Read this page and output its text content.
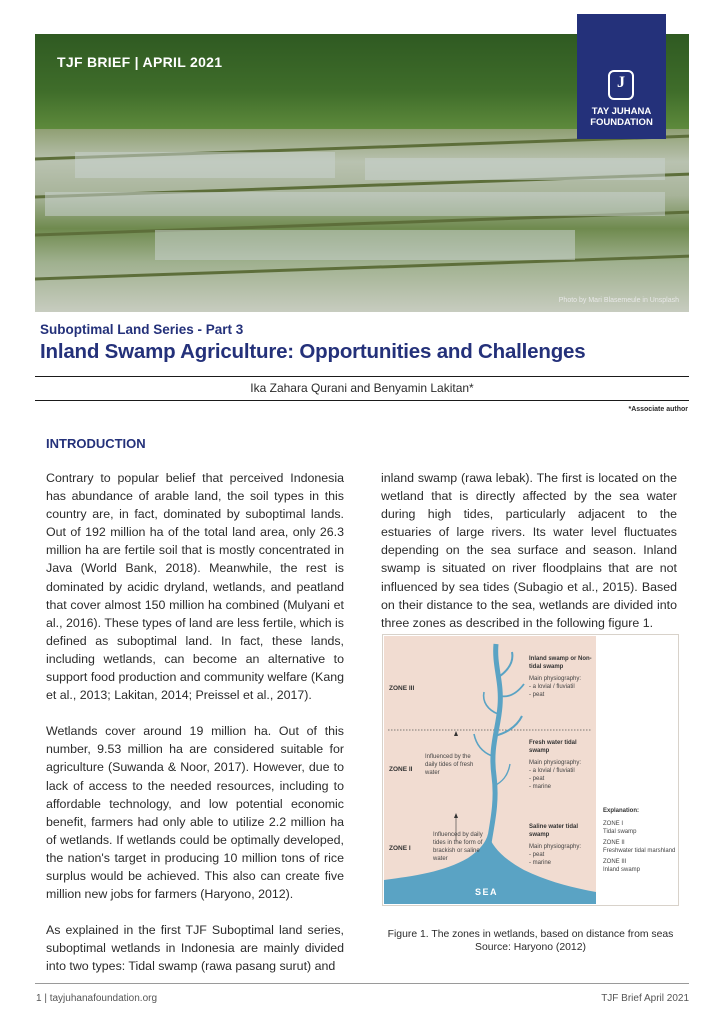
TJF BRIEF | APRIL 2021
Photo by Mari Blasemeule in Unsplash
J
TAY JUHANA
FOUNDATION
Suboptimal Land Series - Part 3
Inland Swamp Agriculture: Opportunities and Challenges
Ika Zahara Qurani and Benyamin Lakitan*
*Associate author
INTRODUCTION

Contrary to popular belief that perceived Indonesia has abundance of arable land, the soil types in this country are, in fact, dominated by suboptimal lands. Out of 192 million ha of the total land area, only 26.3 million ha are fertile soil that is mostly concentrated in Java (World Bank, 2018). Meanwhile, the rest is dominated by acidic dryland, wetlands, and peatland that cover almost 150 million ha combined (Mulyani et al., 2016). These types of land are less fertile, which is defined as suboptimal land. In fact, these lands, including wetlands, can become an alternative to support food production and community welfare (Kang et al., 2013; Lakitan, 2014; Preissel et al., 2017).

Wetlands cover around 19 million ha. Out of this number, 9.53 million ha are considered suitable for agriculture (Suwanda & Noor, 2017). However, due to lack of access to the needed resources, including to affordable technology, and low potential economic benefit, farmers had only able to utilize 2.2 million ha of wetlands. If wetlands could be optimally developed, the nation's target in producing 10 million tons of rice surplus would be achieved. This also can create five million new jobs for farmers (Haryono, 2012).

As explained in the first TJF Suboptimal land series, suboptimal wetlands in Indonesia are mainly divided into two types: Tidal swamp (rawa pasang surut) and

inland swamp (rawa lebak). The first is located on the wetland that is directly affected by the sea water during high tides, particularly adjacent to the estuaries of large rivers. Its water level fluctuates depending on the sea surface and season. Inland swamp is situated on river floodplains that are not influenced by sea tides (Subagio et al., 2015). Based on their distance to the sea, wetlands are divided into three zones as described in the following figure 1.

ZONE III
ZONE II
ZONE I
Inland swamp or Non-tidal swamp
Main physiography:
- a lovial / fluviatil
- peat
Influenced by the daily tides of fresh water
Fresh water tidal swamp
Main physiography:
- a lovial / fluviatil
- peat
- marine
Influenced by daily tides in the form of brackish or saline water
Saline water tidal swamp
Main physiography:
- peat
- marine
SEA
Explanation:
ZONE I
Tidal swamp
ZONE II
Freshwater tidal marshland
ZONE III
Inland swamp
Figure 1. The zones in wetlands, based on distance from seas
Source: Haryono (2012)
1 | tayjuhanafoundation.org	TJF Brief April 2021
